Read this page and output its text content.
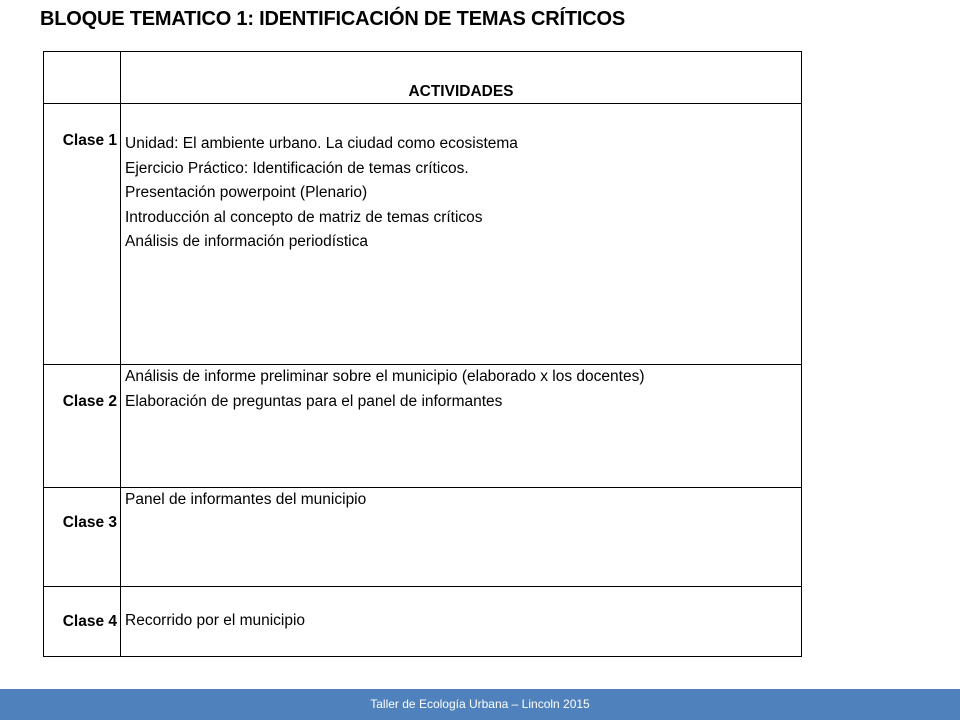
BLOQUE TEMATICO 1: IDENTIFICACIÓN DE TEMAS CRÍTICOS

	ACTIVIDADES

Clase 1	Unidad: El ambiente urbano. La ciudad como ecosistema
Ejercicio Práctico: Identificación de temas críticos.
Presentación powerpoint (Plenario)
Introducción al concepto de matriz de temas críticos
Análisis de información periodística

Clase 2	Análisis de informe preliminar sobre el municipio (elaborado x los docentes)
Elaboración de preguntas para el panel de informantes

Clase 3	Panel de informantes del municipio

Clase 4	Recorrido por el municipio
Taller de Ecología Urbana – Lincoln 2015
